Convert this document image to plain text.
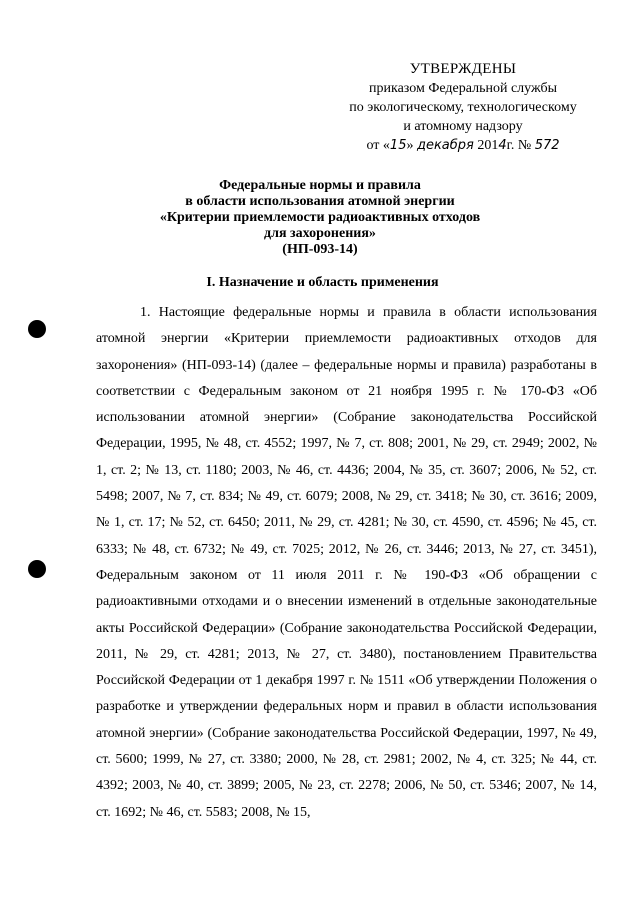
УТВЕРЖДЕНЫ
приказом Федеральной службы
по экологическому, технологическому
и атомному надзору
от «15» декабря 2014г. № 572
Федеральные нормы и правила
в области использования атомной энергии
«Критерии приемлемости радиоактивных отходов
для захоронения»
(НП-093-14)
I. Назначение и область применения

1. Настоящие федеральные нормы и правила в области использования атомной энергии «Критерии приемлемости радиоактивных отходов для захоронения» (НП-093-14) (далее – федеральные нормы и правила) разработаны в соответствии с Федеральным законом от 21 ноября 1995 г. № 170-ФЗ «Об использовании атомной энергии» (Собрание законодательства Российской Федерации, 1995, № 48, ст. 4552; 1997, № 7, ст. 808; 2001, № 29, ст. 2949; 2002, № 1, ст. 2; № 13, ст. 1180; 2003, № 46, ст. 4436; 2004, № 35, ст. 3607; 2006, № 52, ст. 5498; 2007, № 7, ст. 834; № 49, ст. 6079; 2008, № 29, ст. 3418; № 30, ст. 3616; 2009, № 1, ст. 17; № 52, ст. 6450; 2011, № 29, ст. 4281; № 30, ст. 4590, ст. 4596; № 45, ст. 6333; № 48, ст. 6732; № 49, ст. 7025; 2012, № 26, ст. 3446; 2013, № 27, ст. 3451), Федеральным законом от 11 июля 2011 г. № 190-ФЗ «Об обращении с радиоактивными отходами и о внесении изменений в отдельные законодательные акты Российской Федерации» (Собрание законодательства Российской Федерации, 2011, № 29, ст. 4281; 2013, № 27, ст. 3480), постановлением Правительства Российской Федерации от 1 декабря 1997 г. № 1511 «Об утверждении Положения о разработке и утверждении федеральных норм и правил в области использования атомной энергии» (Собрание законодательства Российской Федерации, 1997, № 49, ст. 5600; 1999, № 27, ст. 3380; 2000, № 28, ст. 2981; 2002, № 4, ст. 325; № 44, ст. 4392; 2003, № 40, ст. 3899; 2005, № 23, ст. 2278; 2006, № 50, ст. 5346; 2007, № 14, ст. 1692; № 46, ст. 5583; 2008, № 15,
